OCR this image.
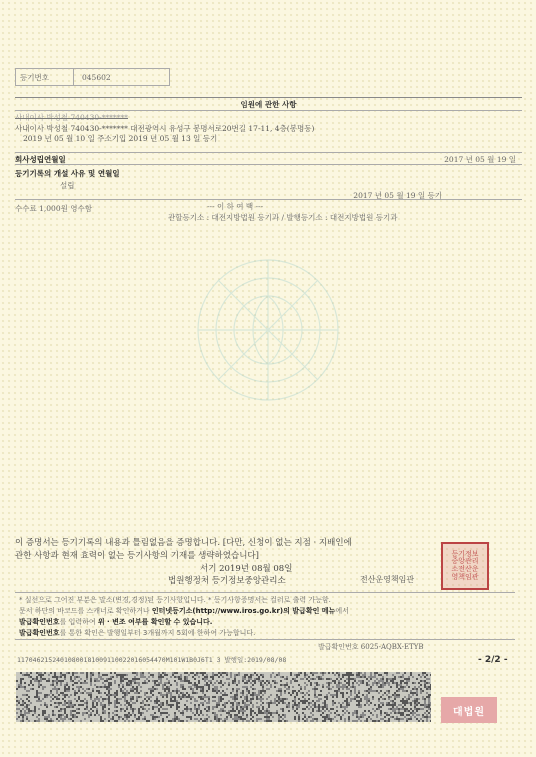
등기번호	045602
임원에 관한 사항
사내이사 박성철 740430-*******
사내이사 박성철 740430-******* 대전광역시 유성구 봉명서로20번길 17-11, 4층(봉명동)
2019 년 05 월 10 일 주소기입 2019 년 05 월 13 일 등기
회사성립연월일	2017 년 05 월 19 일
등기기록의 개설 사유 및 연월일
설립
2017 년 05 월 19 일 등기
수수료 1,000원 영수함	--- 이 하 여 백 ---
관할등기소 : 대전지방법원 등기과 / 발행등기소 : 대전지방법원 등기과
이 증명서는 등기기록의 내용과 틀림없음을 증명합니다. [다만, 신청이 없는 지점 · 지배인에
관한 사항과 현재 효력이 없는 등기사항의 기재를 생략하였습니다]
서기 2019년 08월 08일
법원행정처 등기정보중앙관리소	전산운영책임관
등기정보
중앙관리
소전산운
영책임관
* 실선으로 그어진 부분은 말소(변경,경정)된 등기사항입니다. * 등기사항증명서는 컬러로 출력 가능함.
문서 하단의 바코드를 스캐너로 확인하거나 인터넷등기소(http://www.iros.go.kr)의 발급확인 메뉴에서
발급확인번호를 입력하여 위 · 변조 여부를 확인할 수 있습니다.
발급확인번호를 통한 확인은 발행일부터 3개월까지 5회에 한하여 가능합니다.
발급확인번호 6025-AQBX-ETYB
11704621524010800181009110022016054470M101W1B0J6T1 3 발행일:2019/08/08	- 2/2 -
대법원
